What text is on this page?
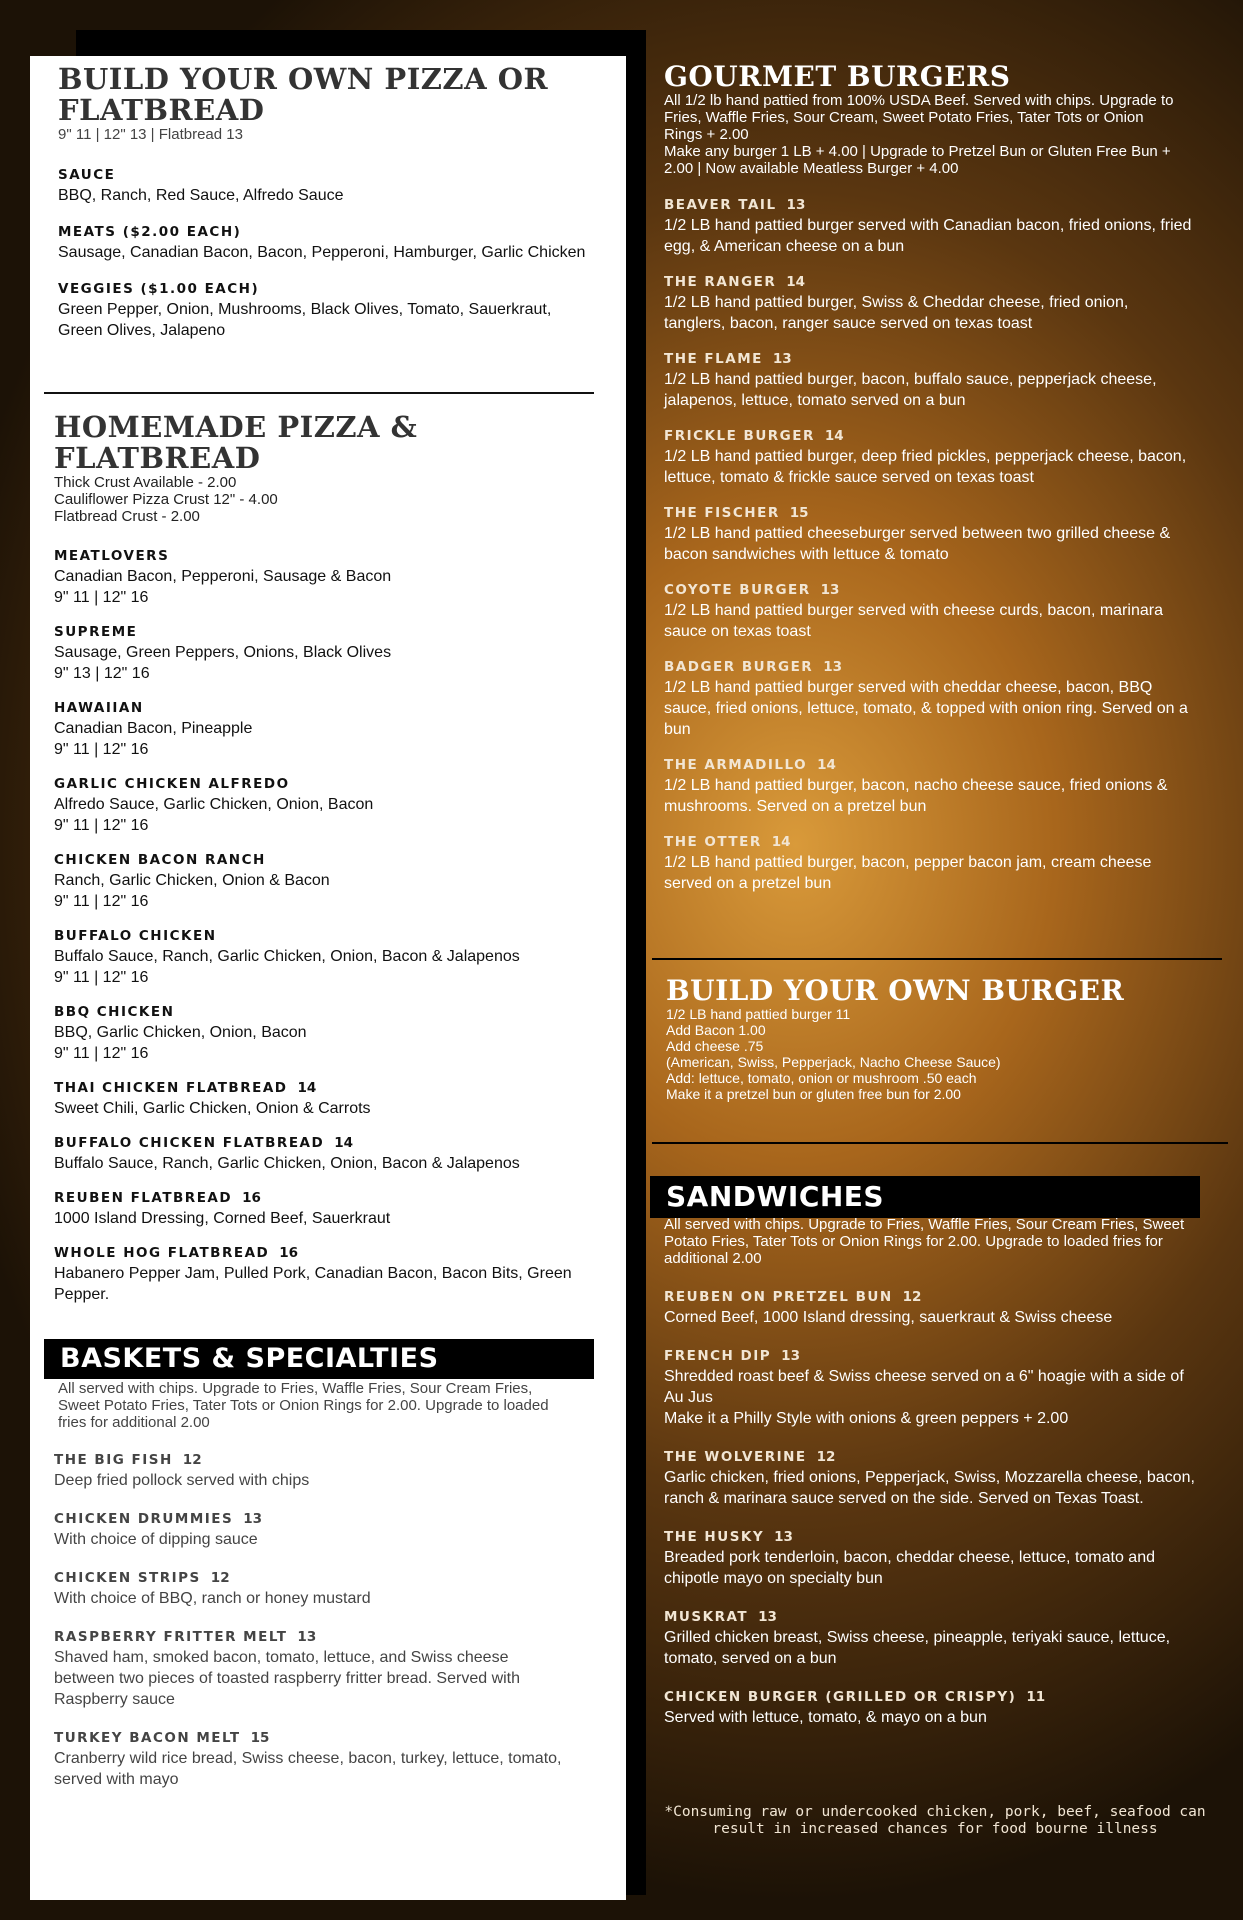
BUILD YOUR OWN PIZZA OR
FLATBREAD
9" 11 | 12" 13 | Flatbread 13
SAUCE
BBQ, Ranch, Red Sauce, Alfredo Sauce
MEATS ($2.00 EACH)
Sausage, Canadian Bacon, Bacon, Pepperoni, Hamburger, Garlic Chicken
VEGGIES ($1.00 EACH)
Green Pepper, Onion, Mushrooms, Black Olives, Tomato, Sauerkraut, Green Olives, Jalapeno
HOMEMADE PIZZA & FLATBREAD
Thick Crust Available - 2.00
Cauliflower Pizza Crust 12" - 4.00
Flatbread Crust - 2.00
MEATLOVERS
Canadian Bacon, Pepperoni, Sausage & Bacon
9" 11 | 12" 16
SUPREME
Sausage, Green Peppers, Onions, Black Olives
9" 13 | 12" 16
HAWAIIAN
Canadian Bacon, Pineapple
9" 11 | 12" 16
GARLIC CHICKEN ALFREDO
Alfredo Sauce, Garlic Chicken, Onion, Bacon
9" 11 | 12" 16
CHICKEN BACON RANCH
Ranch, Garlic Chicken, Onion & Bacon
9" 11 | 12" 16
BUFFALO CHICKEN
Buffalo Sauce, Ranch, Garlic Chicken, Onion, Bacon & Jalapenos
9" 11 | 12" 16
BBQ CHICKEN
BBQ, Garlic Chicken, Onion, Bacon
9" 11 | 12" 16
THAI CHICKEN FLATBREAD 14
Sweet Chili, Garlic Chicken, Onion & Carrots
BUFFALO CHICKEN FLATBREAD 14
Buffalo Sauce, Ranch, Garlic Chicken, Onion, Bacon & Jalapenos
REUBEN FLATBREAD 16
1000 Island Dressing, Corned Beef, Sauerkraut
WHOLE HOG FLATBREAD 16
Habanero Pepper Jam, Pulled Pork, Canadian Bacon, Bacon Bits, Green Pepper.
BASKETS & SPECIALTIES
All served with chips. Upgrade to Fries, Waffle Fries, Sour Cream Fries, Sweet Potato Fries, Tater Tots or Onion Rings for 2.00. Upgrade to loaded fries for additional 2.00
THE BIG FISH 12
Deep fried pollock served with chips
CHICKEN DRUMMIES 13
With choice of dipping sauce
CHICKEN STRIPS 12
With choice of BBQ, ranch or honey mustard
RASPBERRY FRITTER MELT 13
Shaved ham, smoked bacon, tomato, lettuce, and Swiss cheese between two pieces of toasted raspberry fritter bread. Served with Raspberry sauce
TURKEY BACON MELT 15
Cranberry wild rice bread, Swiss cheese, bacon, turkey, lettuce, tomato, served with mayo
GOURMET BURGERS
All 1/2 lb hand pattied from 100% USDA Beef. Served with chips. Upgrade to Fries, Waffle Fries, Sour Cream, Sweet Potato Fries, Tater Tots or Onion Rings + 2.00
Make any burger 1 LB + 4.00 | Upgrade to Pretzel Bun or Gluten Free Bun + 2.00 | Now available Meatless Burger + 4.00
BEAVER TAIL 13
1/2 LB hand pattied burger served with Canadian bacon, fried onions, fried egg, & American cheese on a bun
THE RANGER 14
1/2 LB hand pattied burger, Swiss & Cheddar cheese, fried onion, tanglers, bacon, ranger sauce served on texas toast
THE FLAME 13
1/2 LB hand pattied burger, bacon, buffalo sauce, pepperjack cheese, jalapenos, lettuce, tomato served on a bun
FRICKLE BURGER 14
1/2 LB hand pattied burger, deep fried pickles, pepperjack cheese, bacon, lettuce, tomato & frickle sauce served on texas toast
THE FISCHER 15
1/2 LB hand pattied cheeseburger served between two grilled cheese & bacon sandwiches with lettuce & tomato
COYOTE BURGER 13
1/2 LB hand pattied burger served with cheese curds, bacon, marinara sauce on texas toast
BADGER BURGER 13
1/2 LB hand pattied burger served with cheddar cheese, bacon, BBQ sauce, fried onions, lettuce, tomato, & topped with onion ring. Served on a bun
THE ARMADILLO 14
1/2 LB hand pattied burger, bacon, nacho cheese sauce, fried onions & mushrooms. Served on a pretzel bun
THE OTTER 14
1/2 LB hand pattied burger, bacon, pepper bacon jam, cream cheese served on a pretzel bun
BUILD YOUR OWN BURGER
1/2 LB hand pattied burger 11
Add Bacon 1.00
Add cheese .75
(American, Swiss, Pepperjack, Nacho Cheese Sauce)
Add: lettuce, tomato, onion or mushroom .50 each
Make it a pretzel bun or gluten free bun for 2.00
SANDWICHES
All served with chips. Upgrade to Fries, Waffle Fries, Sour Cream Fries, Sweet Potato Fries, Tater Tots or Onion Rings for 2.00. Upgrade to loaded fries for additional 2.00
REUBEN ON PRETZEL BUN 12
Corned Beef, 1000 Island dressing, sauerkraut & Swiss cheese
FRENCH DIP 13
Shredded roast beef & Swiss cheese served on a 6" hoagie with a side of Au Jus
Make it a Philly Style with onions & green peppers + 2.00
THE WOLVERINE 12
Garlic chicken, fried onions, Pepperjack, Swiss, Mozzarella cheese, bacon, ranch & marinara sauce served on the side. Served on Texas Toast.
THE HUSKY 13
Breaded pork tenderloin, bacon, cheddar cheese, lettuce, tomato and chipotle mayo on specialty bun
MUSKRAT 13
Grilled chicken breast, Swiss cheese, pineapple, teriyaki sauce, lettuce, tomato, served on a bun
CHICKEN BURGER (GRILLED OR CRISPY) 11
Served with lettuce, tomato, & mayo on a bun
*Consuming raw or undercooked chicken, pork, beef, seafood can result in increased chances for food bourne illness
